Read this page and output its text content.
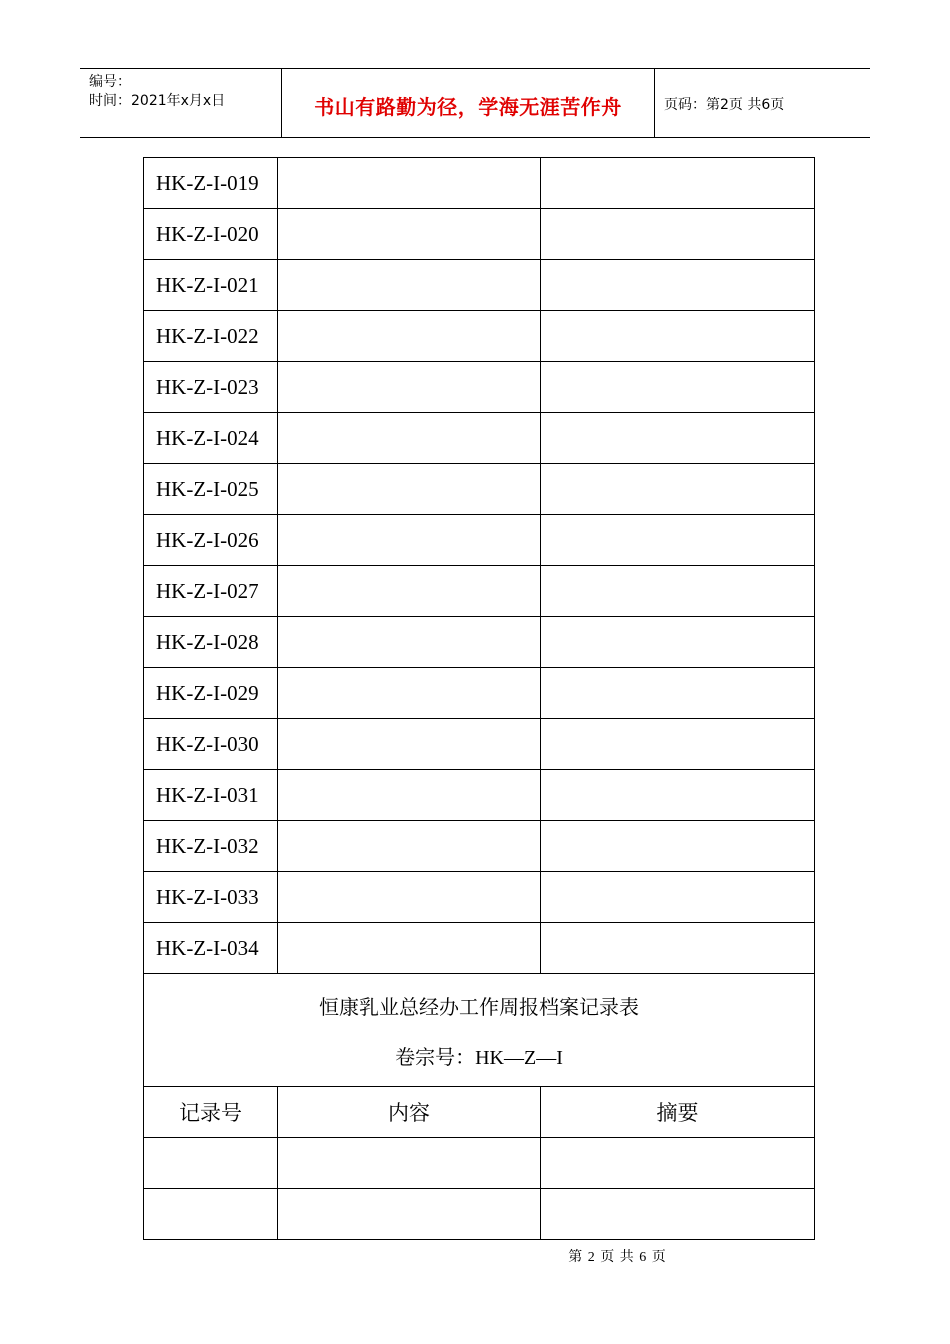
编号：
时间：2021年x月x日	书山有路勤为径，学海无涯苦作舟	页码：第2页 共6页
HK-Z-I-019		
HK-Z-I-020		
HK-Z-I-021		
HK-Z-I-022		
HK-Z-I-023		
HK-Z-I-024		
HK-Z-I-025		
HK-Z-I-026		
HK-Z-I-027		
HK-Z-I-028		
HK-Z-I-029		
HK-Z-I-030		
HK-Z-I-031		
HK-Z-I-032		
HK-Z-I-033		
HK-Z-I-034		
恒康乳业总经办工作周报档案记录表		
卷宗号：HK—Z—I		
记录号	内容	摘要

第 2 页 共 6 页
